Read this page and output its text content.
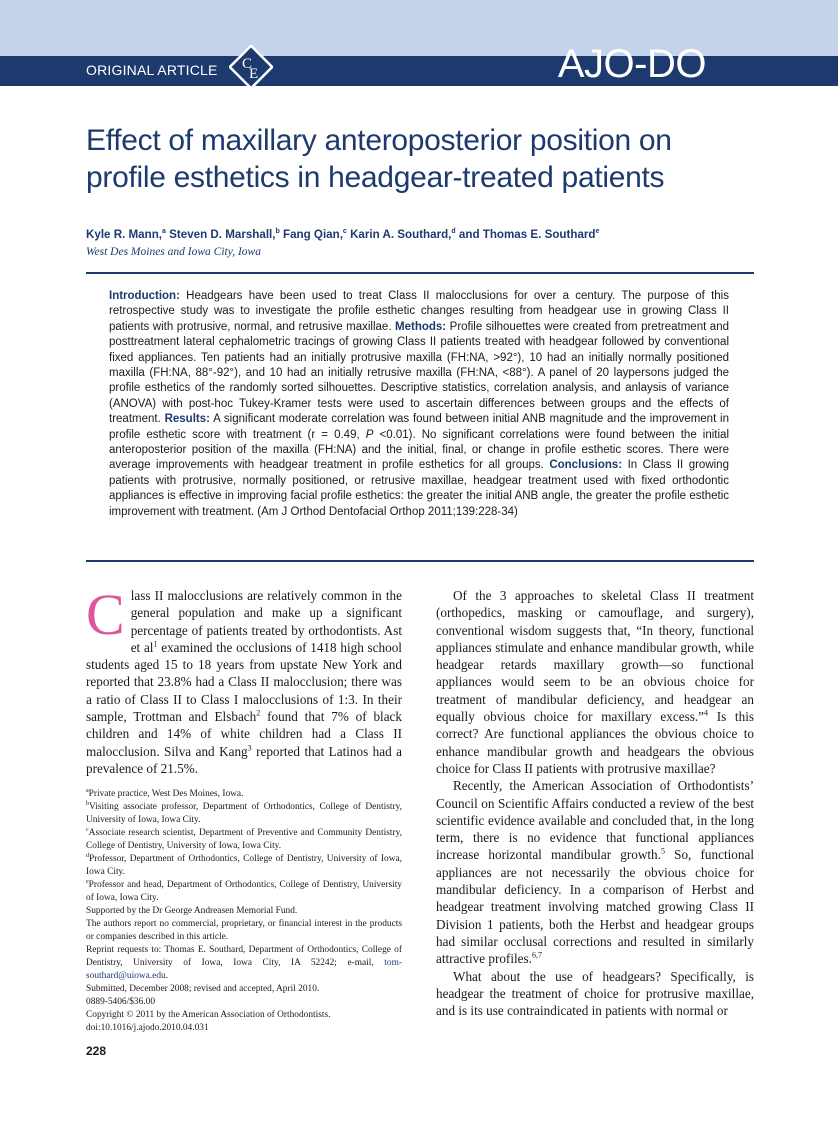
ORIGINAL ARTICLE C
E	AJO-DO
Effect of maxillary anteroposterior position on
profile esthetics in headgear-treated patients
Kyle R. Mann,$^a$ Steven D. Marshall,$^b$ Fang Qian,$^c$ Karin A. Southard,$^d$ and Thomas E. Southard$^e$
West Des Moines and Iowa City, Iowa
Introduction: Headgears have been used to treat Class II malocclusions for over a century. The purpose of this retrospective study was to investigate the profile esthetic changes resulting from headgear use in growing Class II patients with protrusive, normal, and retrusive maxillae. Methods: Profile silhouettes were created from pretreatment and posttreatment lateral cephalometric tracings of growing Class II patients treated with headgear followed by conventional fixed appliances. Ten patients had an initially protrusive maxilla (FH:NA, >92°), 10 had an initially normally positioned maxilla (FH:NA, 88°-92°), and 10 had an initially retrusive maxilla (FH:NA, <88°). A panel of 20 laypersons judged the profile esthetics of the randomly sorted silhouettes. Descriptive statistics, correlation analysis, and anlaysis of variance (ANOVA) with post-hoc Tukey-Kramer tests were used to ascertain differences between groups and the effects of treatment. Results: A significant moderate correlation was found between initial ANB magnitude and the improvement in profile esthetic score with treatment (r = 0.49, P <0.01). No significant correlations were found between the initial anteroposterior position of the maxilla (FH:NA) and the initial, final, or change in profile esthetic scores. There were average improvements with headgear treatment in profile esthetics for all groups. Conclusions: In Class II growing patients with protrusive, normally positioned, or retrusive maxillae, headgear treatment used with fixed orthodontic appliances is effective in improving facial profile esthetics: the greater the initial ANB angle, the greater the profile esthetic improvement with treatment. (Am J Orthod Dentofacial Orthop 2011;139:228-34)

Class II malocclusions are relatively common in the general population and make up a significant percentage of patients treated by orthodontists. Ast et $al^1$ examined the occlusions of 1418 high school students aged 15 to 18 years from upstate New York and reported that 23.8% had a Class II malocclusion; there was a ratio of Class II to Class I malocclusions of 1:3. In their sample, Trottman and Elsbach$^2$ found that 7% of black children and 14% of white children had a Class II malocclusion. Silva and Kang$^3$ reported that Latinos had a prevalence of 21.5%.

$^a$Private practice, West Des Moines, Iowa.

$^b$Visiting associate professor, Department of Orthodontics, College of Dentistry, University of Iowa, Iowa City.

$^c$Associate research scientist, Department of Preventive and Community Dentistry, College of Dentistry, University of Iowa, Iowa City.

$^d$Professor, Department of Orthodontics, College of Dentistry, University of Iowa, Iowa City.

$^e$Professor and head, Department of Orthodontics, College of Dentistry, University of Iowa, Iowa City.

Supported by the Dr George Andreasen Memorial Fund.

The authors report no commercial, proprietary, or financial interest in the products or companies described in this article.

Reprint requests to: Thomas E. Southard, Department of Orthodontics, College of Dentistry, University of Iowa, Iowa City, IA 52242; e-mail, tom-southard@uiowa.edu.

Submitted, December 2008; revised and accepted, April 2010.

0889-5406/$36.00

Copyright © 2011 by the American Association of Orthodontists.

doi:10.1016/j.ajodo.2010.04.031

Of the 3 approaches to skeletal Class II treatment (orthopedics, masking or camouflage, and surgery), conventional wisdom suggests that, “In theory, functional appliances stimulate and enhance mandibular growth, while headgear retards maxillary growth—so functional appliances would seem to be an obvious choice for treatment of mandibular deficiency, and headgear an equally obvious choice for maxillary excess.”$^4$ Is this correct? Are functional appliances the obvious choice to enhance mandibular growth and headgears the obvious choice for Class II patients with protrusive maxillae?

Recently, the American Association of Orthodontists’ Council on Scientific Affairs conducted a review of the best scientific evidence available and concluded that, in the long term, there is no evidence that functional appliances increase horizontal mandibular growth.$^5$ So, functional appliances are not necessarily the obvious choice for mandibular deficiency. In a comparison of Herbst and headgear treatment involving matched growing Class II Division 1 patients, both the Herbst and headgear groups had similar occlusal corrections and resulted in similarly attractive profiles.$^{6,7}$

What about the use of headgears? Specifically, is headgear the treatment of choice for protrusive maxillae, and is its use contraindicated in patients with normal or

228
